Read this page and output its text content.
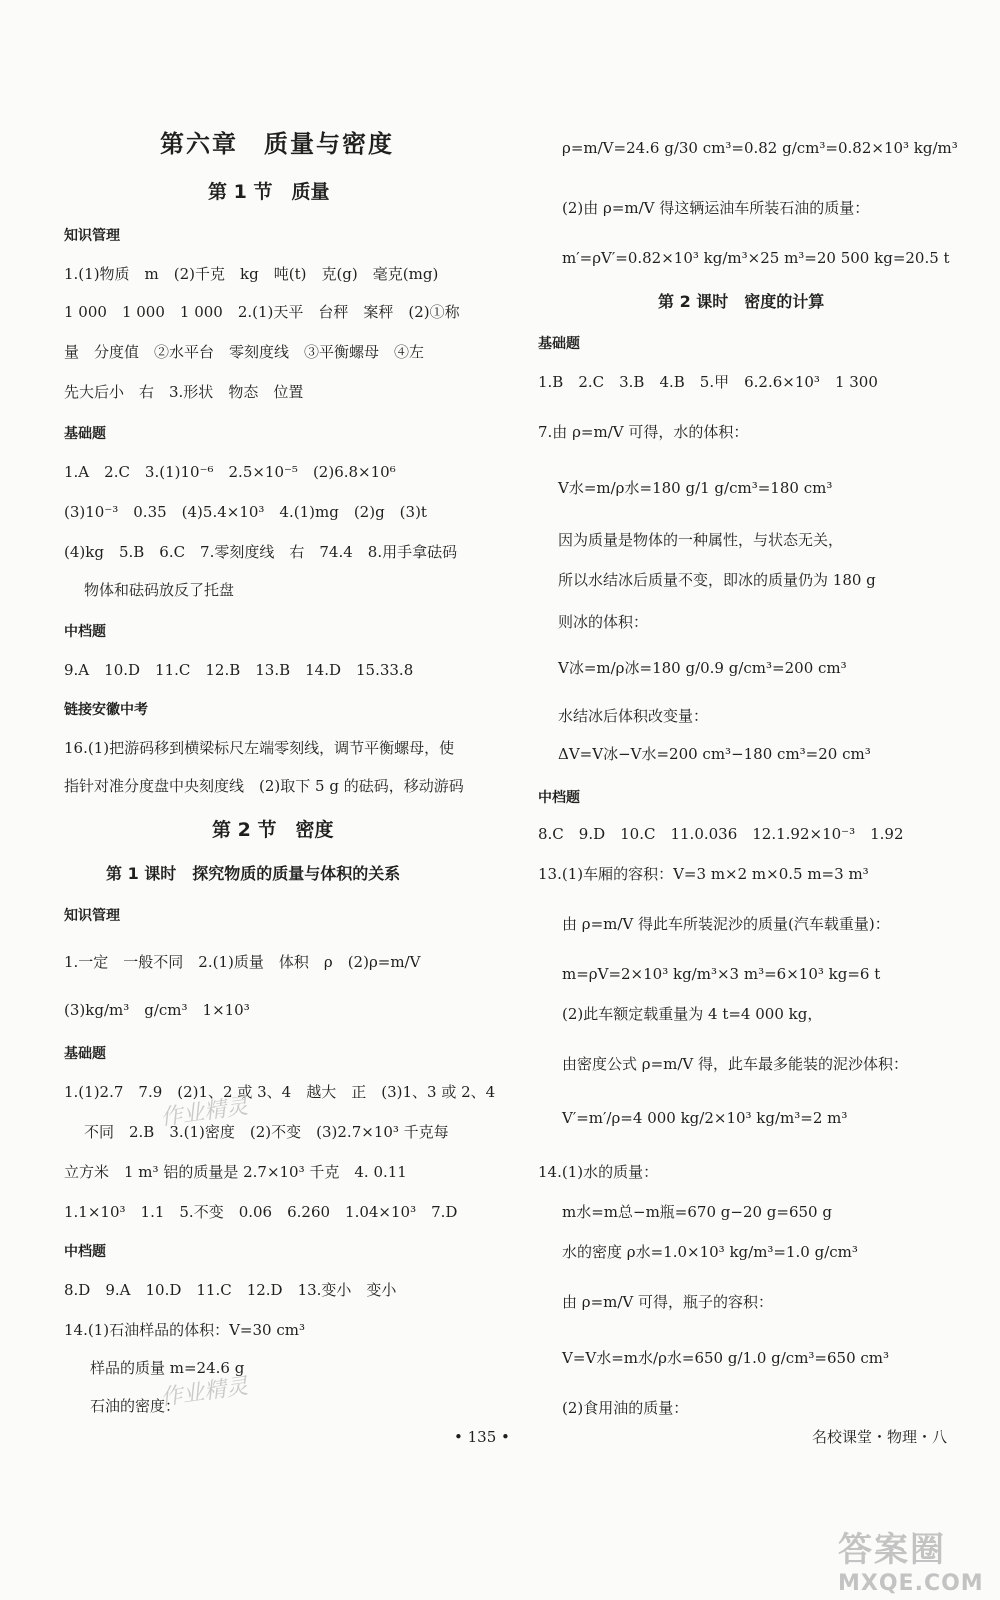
第六章　质量与密度
第 1 节　质量
知识管理
1.(1)物质　m　(2)千克　kg　吨(t)　克(g)　毫克(mg)
1 000　1 000　1 000　2.(1)天平　台秤　案秤　(2)①称
量　分度值　②水平台　零刻度线　③平衡螺母　④左
先大后小　右　3.形状　物态　位置
基础题
1.A　2.C　3.(1)10⁻⁶　2.5×10⁻⁵　(2)6.8×10⁶
(3)10⁻³　0.35　(4)5.4×10³　4.(1)mg　(2)g　(3)t
(4)kg　5.B　6.C　7.零刻度线　右　74.4　8.用手拿砝码
物体和砝码放反了托盘
中档题
9.A　10.D　11.C　12.B　13.B　14.D　15.33.8
链接安徽中考
16.(1)把游码移到横梁标尺左端零刻线，调节平衡螺母，使
指针对准分度盘中央刻度线　(2)取下 5 g 的砝码，移动游码
第 2 节　密度
第 1 课时　探究物质的质量与体积的关系
知识管理
1.一定　一般不同　2.(1)质量　体积　ρ　(2)ρ=m/V
(3)kg/m³　g/cm³　1×10³
基础题
1.(1)2.7　7.9　(2)1、2 或 3、4　越大　正　(3)1、3 或 2、4
不同　2.B　3.(1)密度　(2)不变　(3)2.7×10³ 千克每
立方米　1 m³ 铝的质量是 2.7×10³ 千克　4. 0.11
1.1×10³　1.1　5.不变　0.06　6.260　1.04×10³　7.D
中档题
8.D　9.A　10.D　11.C　12.D　13.变小　变小
14.(1)石油样品的体积：V=30 cm³
样品的质量 m=24.6 g
石油的密度：
ρ=m/V=24.6 g/30 cm³=0.82 g/cm³=0.82×10³ kg/m³
(2)由 ρ=m/V 得这辆运油车所装石油的质量：
m′=ρV′=0.82×10³ kg/m³×25 m³=20 500 kg=20.5 t
第 2 课时　密度的计算
基础题
1.B　2.C　3.B　4.B　5.甲　6.2.6×10³　1 300
7.由 ρ=m/V 可得，水的体积：
V水=m/ρ水=180 g/1 g/cm³=180 cm³
因为质量是物体的一种属性，与状态无关，
所以水结冰后质量不变，即冰的质量仍为 180 g
则冰的体积：
V冰=m/ρ冰=180 g/0.9 g/cm³=200 cm³
水结冰后体积改变量：
ΔV=V冰−V水=200 cm³−180 cm³=20 cm³
中档题
8.C　9.D　10.C　11.0.036　12.1.92×10⁻³　1.92
13.(1)车厢的容积：V=3 m×2 m×0.5 m=3 m³
由 ρ=m/V 得此车所装泥沙的质量(汽车载重量)：
m=ρV=2×10³ kg/m³×3 m³=6×10³ kg=6 t
(2)此车额定载重量为 4 t=4 000 kg，
由密度公式 ρ=m/V 得，此车最多能装的泥沙体积：
V′=m′/ρ=4 000 kg/2×10³ kg/m³=2 m³
14.(1)水的质量：
m水=m总−m瓶=670 g−20 g=650 g
水的密度 ρ水=1.0×10³ kg/m³=1.0 g/cm³
由 ρ=m/V 可得，瓶子的容积：
V=V水=m水/ρ水=650 g/1.0 g/cm³=650 cm³
(2)食用油的质量：
作业精灵
作业精灵
• 135 •	名校课堂・物理・八
答案圈
MXQE.COM
